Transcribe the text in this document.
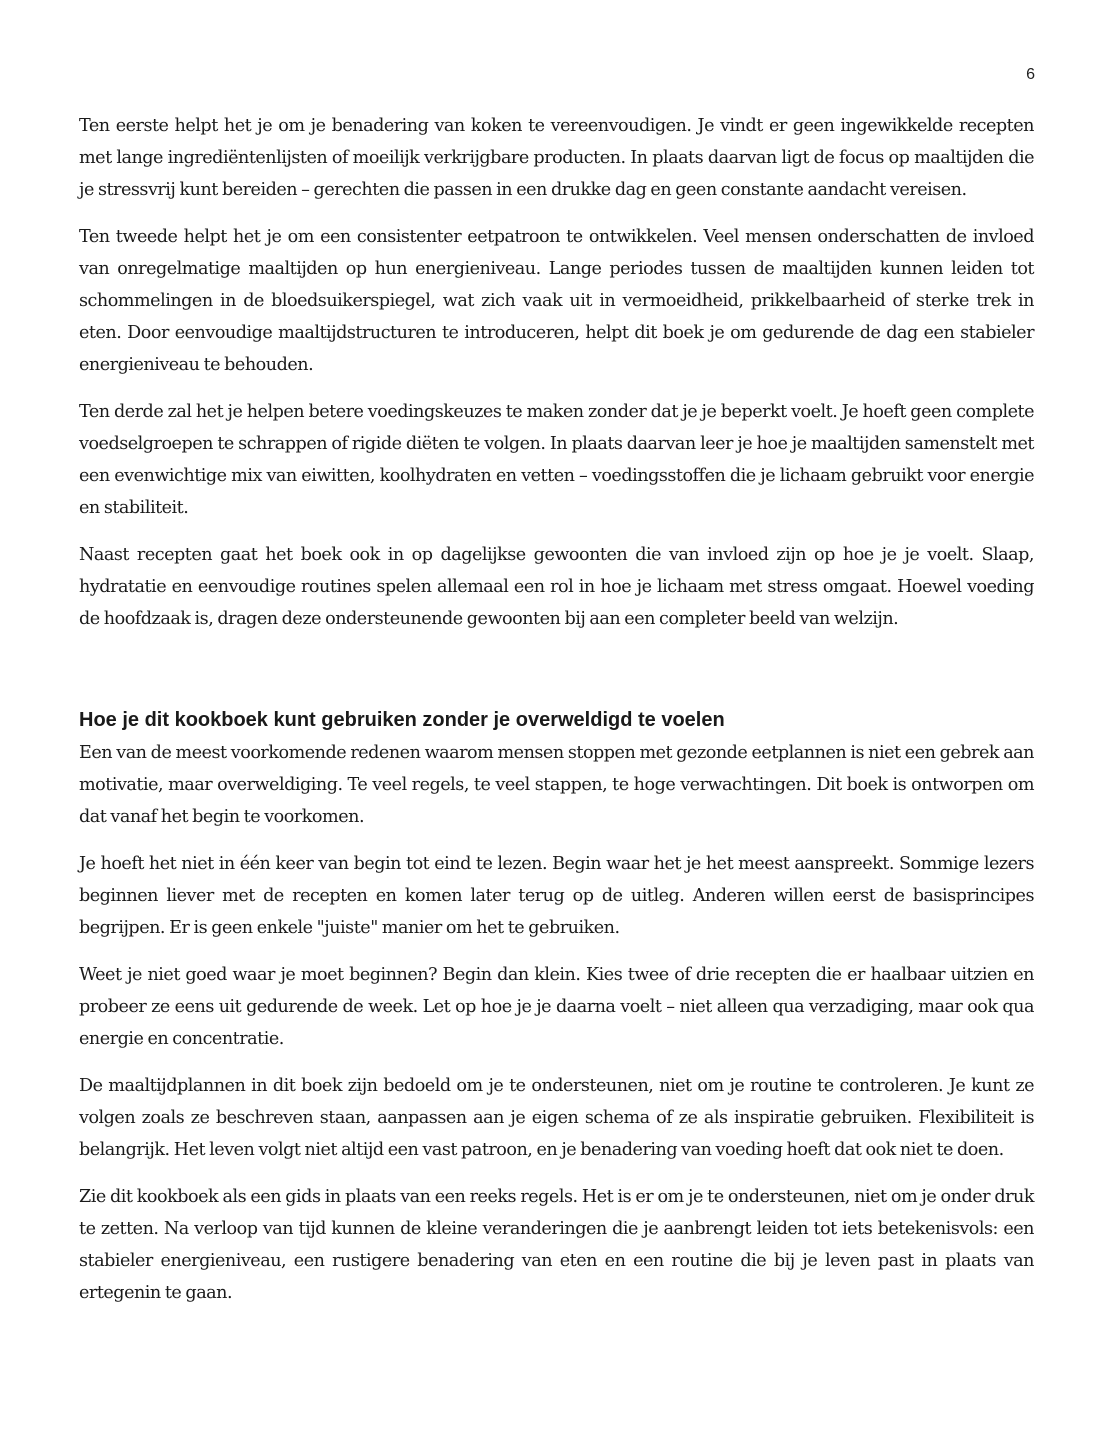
6

Ten eerste helpt het je om je benadering van koken te vereenvoudigen. Je vindt er geen ingewikkelde recepten met lange ingrediëntenlijsten of moeilijk verkrijgbare producten. In plaats daarvan ligt de focus op maaltijden die je stressvrij kunt bereiden – gerechten die passen in een drukke dag en geen constante aandacht vereisen.

Ten tweede helpt het je om een consistenter eetpatroon te ontwikkelen. Veel mensen onderschatten de invloed van onregelmatige maaltijden op hun energieniveau. Lange periodes tussen de maaltijden kunnen leiden tot schommelingen in de bloedsuikerspiegel, wat zich vaak uit in vermoeidheid, prikkelbaarheid of sterke trek in eten. Door eenvoudige maaltijdstructuren te introduceren, helpt dit boek je om gedurende de dag een stabieler energieniveau te behouden.

Ten derde zal het je helpen betere voedingskeuzes te maken zonder dat je je beperkt voelt. Je hoeft geen complete voedselgroepen te schrappen of rigide diëten te volgen. In plaats daarvan leer je hoe je maaltijden samenstelt met een evenwichtige mix van eiwitten, koolhydraten en vetten – voedingsstoffen die je lichaam gebruikt voor energie en stabiliteit.

Naast recepten gaat het boek ook in op dagelijkse gewoonten die van invloed zijn op hoe je je voelt. Slaap, hydratatie en eenvoudige routines spelen allemaal een rol in hoe je lichaam met stress omgaat. Hoewel voeding de hoofdzaak is, dragen deze ondersteunende gewoonten bij aan een completer beeld van welzijn.

Hoe je dit kookboek kunt gebruiken zonder je overweldigd te voelen

Een van de meest voorkomende redenen waarom mensen stoppen met gezonde eetplannen is niet een gebrek aan motivatie, maar overweldiging. Te veel regels, te veel stappen, te hoge verwachtingen. Dit boek is ontworpen om dat vanaf het begin te voorkomen.

Je hoeft het niet in één keer van begin tot eind te lezen. Begin waar het je het meest aanspreekt. Sommige lezers beginnen liever met de recepten en komen later terug op de uitleg. Anderen willen eerst de basisprincipes begrijpen. Er is geen enkele "juiste" manier om het te gebruiken.

Weet je niet goed waar je moet beginnen? Begin dan klein. Kies twee of drie recepten die er haalbaar uitzien en probeer ze eens uit gedurende de week. Let op hoe je je daarna voelt – niet alleen qua verzadiging, maar ook qua energie en concentratie.

De maaltijdplannen in dit boek zijn bedoeld om je te ondersteunen, niet om je routine te controleren. Je kunt ze volgen zoals ze beschreven staan, aanpassen aan je eigen schema of ze als inspiratie gebruiken. Flexibiliteit is belangrijk. Het leven volgt niet altijd een vast patroon, en je benadering van voeding hoeft dat ook niet te doen.

Zie dit kookboek als een gids in plaats van een reeks regels. Het is er om je te ondersteunen, niet om je onder druk te zetten. Na verloop van tijd kunnen de kleine veranderingen die je aanbrengt leiden tot iets betekenisvols: een stabieler energieniveau, een rustigere benadering van eten en een routine die bij je leven past in plaats van ertegenin te gaan.
